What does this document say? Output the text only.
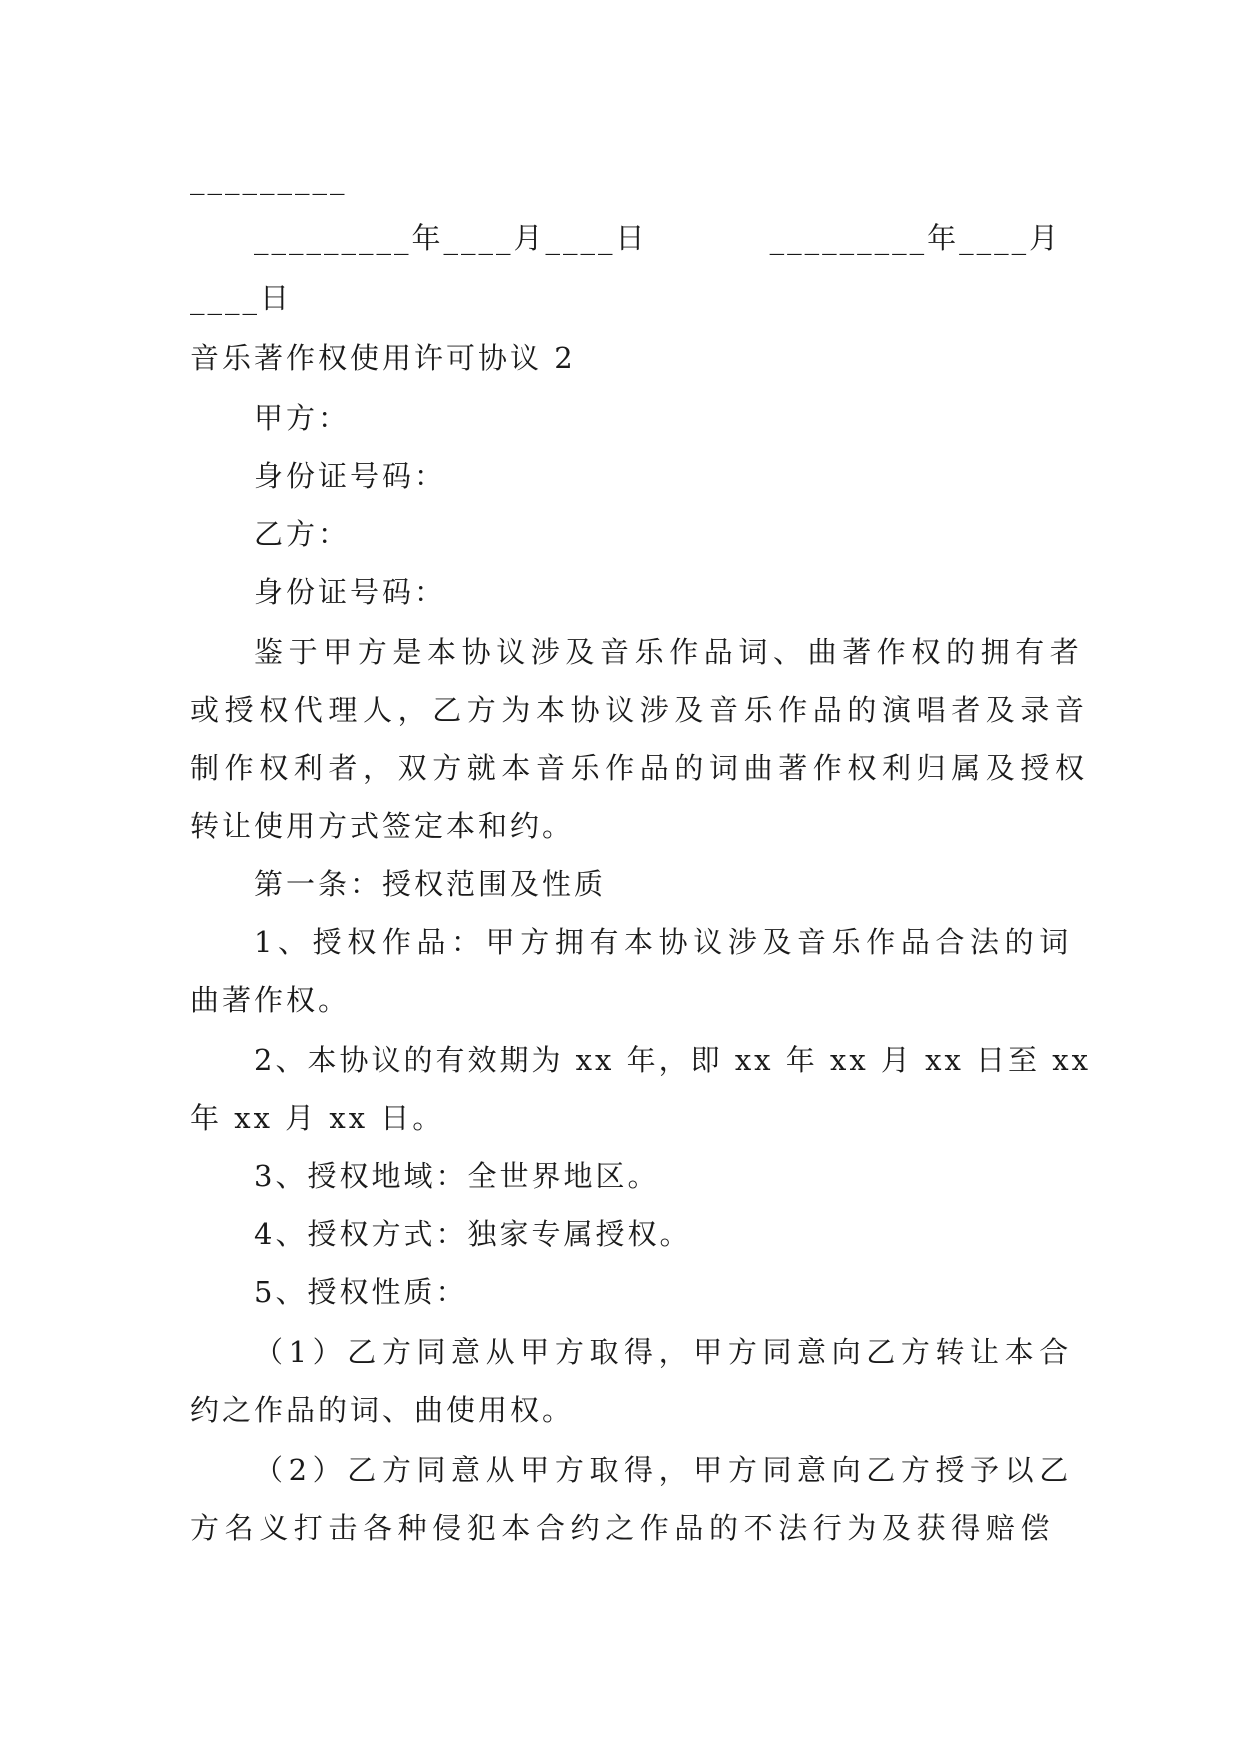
_________
_________年____月____日          _________年____月
____日
音乐著作权使用许可协议 2
甲方：
身份证号码：
乙方：
身份证号码：
鉴于甲方是本协议涉及音乐作品词、曲著作权的拥有者
或授权代理人，乙方为本协议涉及音乐作品的演唱者及录音
制作权利者，双方就本音乐作品的词曲著作权利归属及授权
转让使用方式签定本和约。
第一条：授权范围及性质
1、授权作品：甲方拥有本协议涉及音乐作品合法的词
曲著作权。
2、本协议的有效期为 xx 年，即 xx 年 xx 月 xx 日至 xx
年 xx 月 xx 日。
3、授权地域：全世界地区。
4、授权方式：独家专属授权。
5、授权性质：
（1）乙方同意从甲方取得，甲方同意向乙方转让本合
约之作品的词、曲使用权。
（2）乙方同意从甲方取得，甲方同意向乙方授予以乙
方名义打击各种侵犯本合约之作品的不法行为及获得赔偿
